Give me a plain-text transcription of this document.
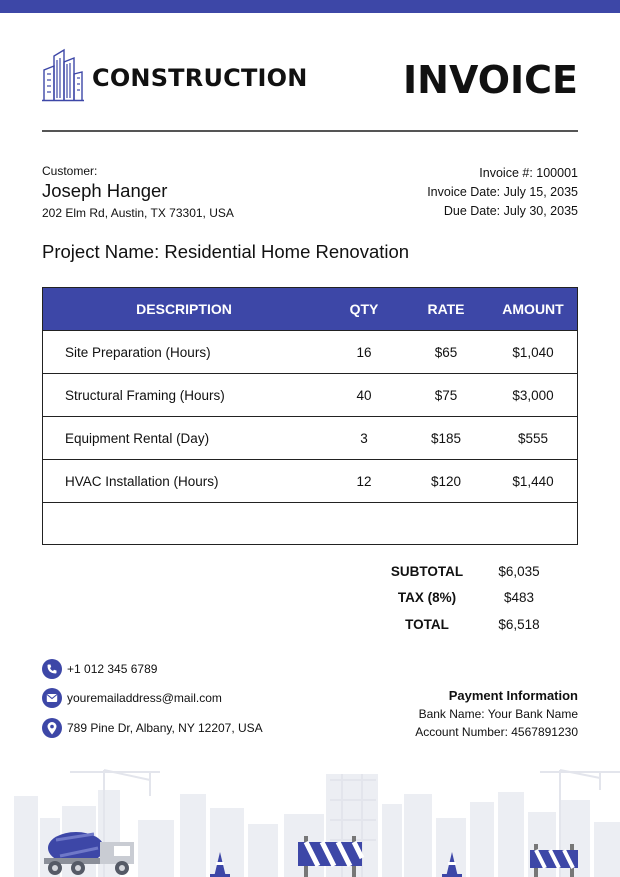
CONSTRUCTION	INVOICE
Customer:
Joseph Hanger
202 Elm Rd, Austin, TX 73301, USA
Invoice #: 100001
Invoice Date: July 15, 2035
Due Date: July 30, 2035
Project Name: Residential Home Renovation
DESCRIPTION	QTY	RATE	AMOUNT
Site Preparation (Hours)	16	$65	$1,040
Structural Framing (Hours)	40	$75	$3,000
Equipment Rental (Day)	3	$185	$555
HVAC Installation (Hours)	12	$120	$1,440
SUBTOTAL	$6,035
TAX (8%)	$483
TOTAL	$6,518
+1 012 345 6789
youremailaddress@mail.com
789 Pine Dr, Albany, NY 12207, USA
Payment Information
Bank Name: Your Bank Name
Account Number: 4567891230
